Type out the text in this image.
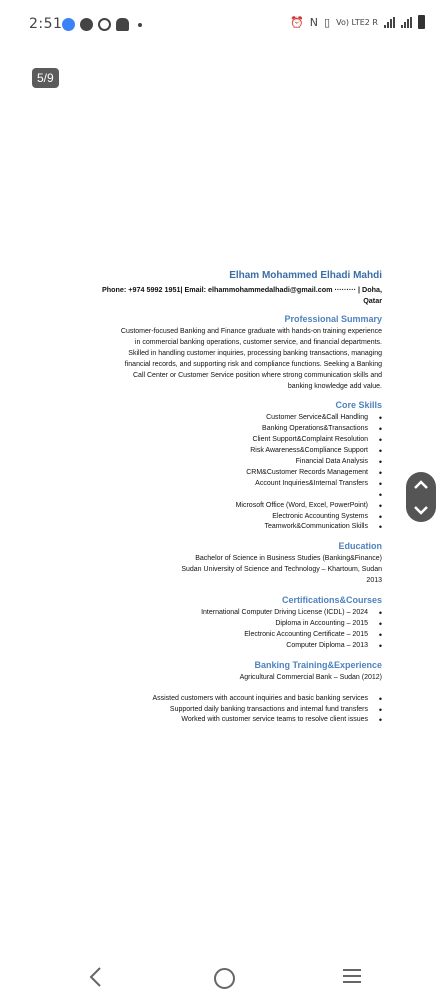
2:51	⏰ N ▯ Vo) LTE2 R
5/9
Elham Mohammed Elhadi Mahdi
Phone: +974 5992 1951| Email: elhammohammedalhadi@gmail.com ········· | Doha,
Qatar
Professional Summary
Customer-focused Banking and Finance graduate with hands-on training experience
in commercial banking operations, customer service, and financial departments.
Skilled in handling customer inquiries, processing banking transactions, managing
financial records, and supporting risk and compliance functions. Seeking a Banking
Call Center or Customer Service position where strong communication skills and
banking knowledge add value.
Core Skills
Customer Service&Call Handling •
Banking Operations&Transactions •
Client Support&Complaint Resolution •
Risk Awareness&Compliance Support •
Financial Data Analysis •
CRM&Customer Records Management •
Account Inquiries&Internal Transfers •
•
Microsoft Office (Word, Excel, PowerPoint) •
Electronic Accounting Systems •
Teamwork&Communication Skills •
Education
Bachelor of Science in Business Studies (Banking&Finance)
Sudan University of Science and Technology – Khartoum, Sudan
2013
Certifications&Courses
International Computer Driving License (ICDL) – 2024 •
Diploma in Accounting – 2015 •
Electronic Accounting Certificate – 2015 •
Computer Diploma – 2013 •
Banking Training&Experience
Agricultural Commercial Bank – Sudan (2012)
Assisted customers with account inquiries and basic banking services •
Supported daily banking transactions and internal fund transfers •
Worked with customer service teams to resolve client issues •
